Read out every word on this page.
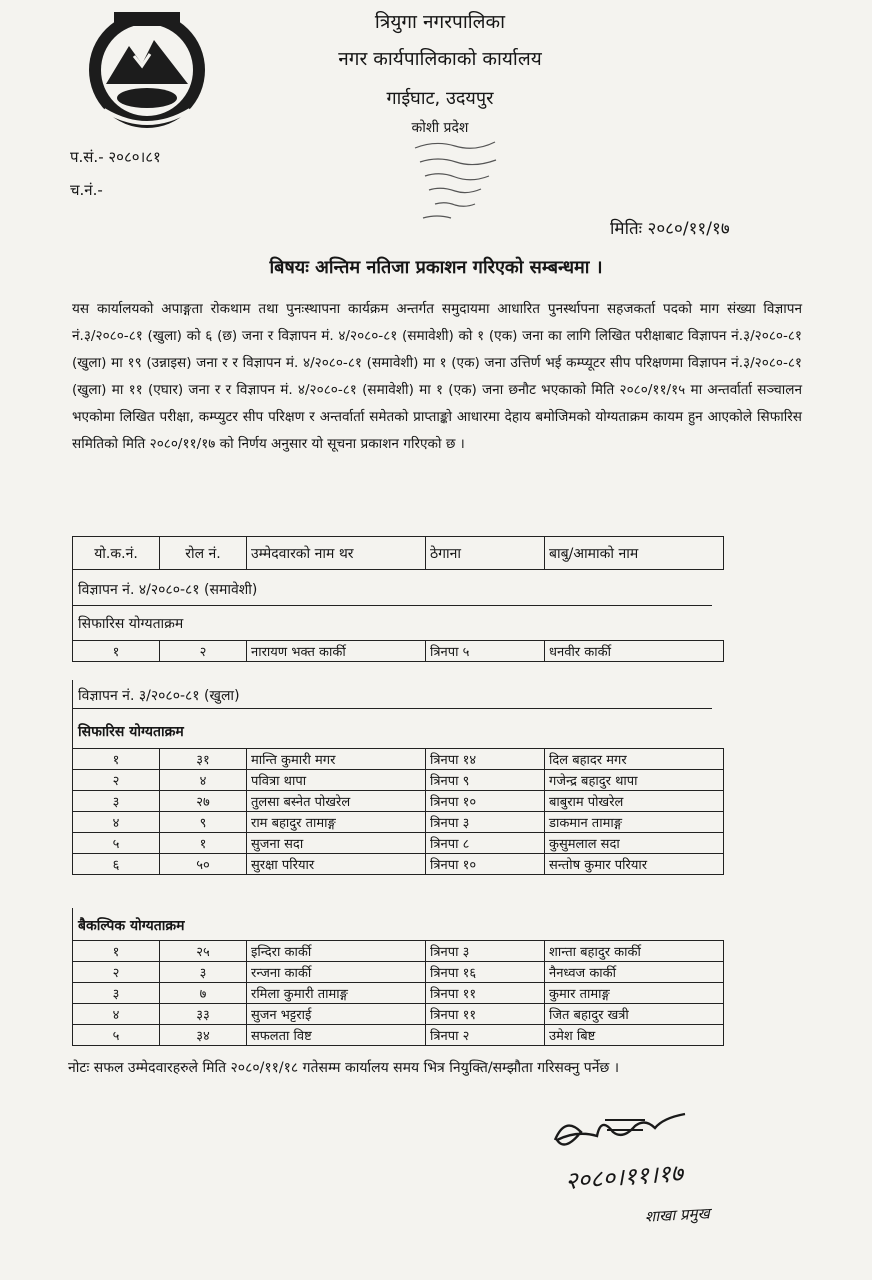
त्रियुगा नगरपालिका
नगर कार्यपालिकाको कार्यालय
गाईघाट, उदयपुर
कोशी प्रदेश
प.सं.- २०८०।८१
च.नं.-
मितिः २०८०/११/१७
बिषयः अन्तिम नतिजा प्रकाशन गरिएको सम्बन्धमा ।
यस कार्यालयको अपाङ्गता रोकथाम तथा पुनःस्थापना कार्यक्रम अन्तर्गत समुदायमा आधारित पुनर्स्थापना सहजकर्ता पदको माग संख्या विज्ञापन नं.३/२०८०-८१ (खुला) को ६ (छ) जना र विज्ञापन मं. ४/२०८०-८१ (समावेशी) को १ (एक) जना का लागि लिखित परीक्षाबाट विज्ञापन नं.३/२०८०-८१ (खुला) मा १९ (उन्नाइस) जना र र विज्ञापन मं. ४/२०८०-८१ (समावेशी) मा १ (एक) जना उत्तिर्ण भई कम्प्यूटर सीप परिक्षणमा विज्ञापन नं.३/२०८०-८१ (खुला) मा ११ (एघार) जना र र विज्ञापन मं. ४/२०८०-८१ (समावेशी) मा १ (एक) जना छनौट भएकाको मिति २०८०/११/१५ मा अन्तर्वार्ता सञ्चालन भएकोमा लिखित परीक्षा, कम्प्युटर सीप परिक्षण र अन्तर्वार्ता समेतको प्राप्ताङ्को आधारमा देहाय बमोजिमको योग्यताक्रम कायम हुन आएकोले सिफारिस समितिको मिति २०८०/११/१७ को निर्णय अनुसार यो सूचना प्रकाशन गरिएको छ ।
यो.क.नं.	रोल नं.	उम्मेदवारको नाम थर	ठेगाना	बाबु/आमाको नाम
विज्ञापन नं. ४/२०८०-८१ (समावेशी)
सिफारिस योग्यताक्रम
१	२	नारायण भक्त कार्की	त्रिनपा ५	धनवीर कार्की
विज्ञापन नं. ३/२०८०-८१ (खुला)
सिफारिस योग्यताक्रम
१	३१	मान्ति कुमारी मगर	त्रिनपा १४	दिल बहादर मगर
२	४	पवित्रा थापा	त्रिनपा ९	गजेन्द्र बहादुर थापा
३	२७	तुलसा बस्नेत पोखरेल	त्रिनपा १०	बाबुराम पोखरेल
४	९	राम बहादुर तामाङ्ग	त्रिनपा ३	डाकमान तामाङ्ग
५	१	सुजना सदा	त्रिनपा ८	कुसुमलाल सदा
६	५०	सुरक्षा परियार	त्रिनपा १०	सन्तोष कुमार परियार
बैकल्पिक योग्यताक्रम
१	२५	इन्दिरा कार्की	त्रिनपा ३	शान्ता बहादुर कार्की
२	३	रन्जना कार्की	त्रिनपा १६	नैनध्वज कार्की
३	७	रमिला कुमारी तामाङ्ग	त्रिनपा ११	कुमार तामाङ्ग
४	३३	सुजन भट्टराई	त्रिनपा ११	जित बहादुर खत्री
५	३४	सफलता विष्ट	त्रिनपा २	उमेश बिष्ट
नोटः सफल उम्मेदवारहरुले मिति २०८०/११/१८ गतेसम्म कार्यालय समय भित्र नियुक्ति/सम्झौता गरिसक्नु पर्नेछ ।
२०८०।११।१७
शाखा प्रमुख
